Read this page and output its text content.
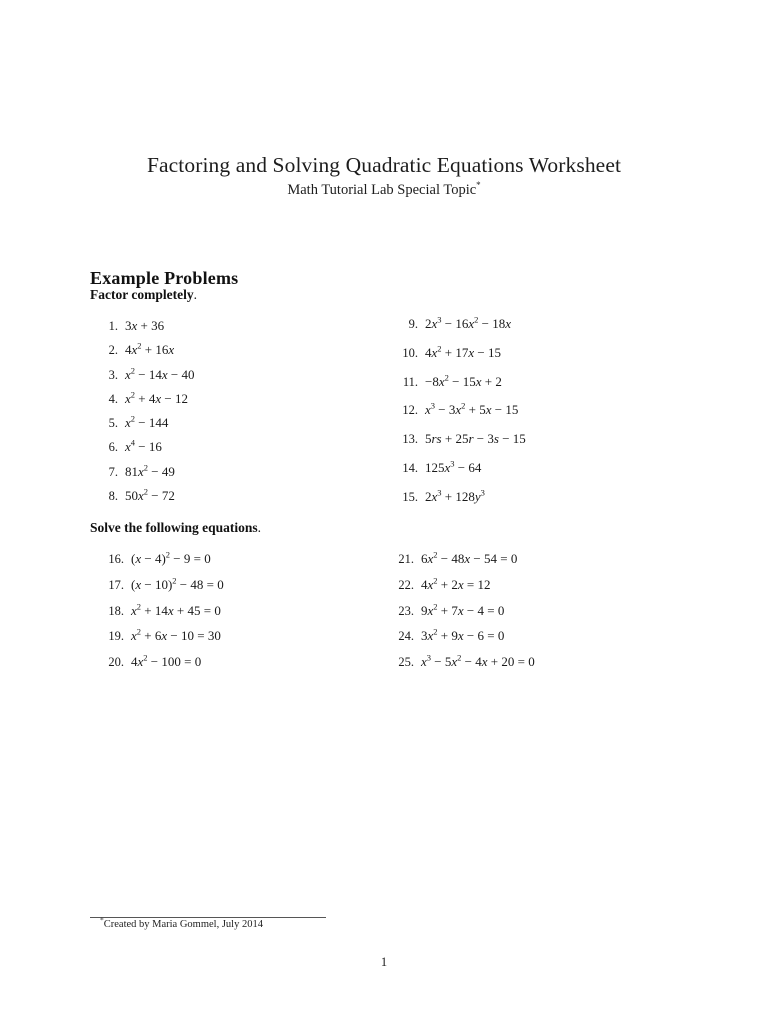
Factoring and Solving Quadratic Equations Worksheet
Math Tutorial Lab Special Topic*
Example Problems
Factor completely.
1. 3x + 36
2. $4x^2 + 16x$
3. $x^2 - 14x - 40$
4. $x^2 + 4x - 12$
5. $x^2 - 144$
6. $x^4 - 16$
7. $81x^2 - 49$
8. $50x^2 - 72$
9. $2x^3 - 16x^2 - 18x$
10. $4x^2 + 17x - 15$
11. $-8x^2 - 15x + 2$
12. $x^3 - 3x^2 + 5x - 15$
13. 5rs + 25r − 3s − 15
14. $125x^3 - 64$
15. $2x^3 + 128y^3$
Solve the following equations.
16. $(x - 4)^2 - 9 = 0$
17. $(x - 10)^2 - 48 = 0$
18. $x^2 + 14x + 45 = 0$
19. $x^2 + 6x - 10 = 30$
20. $4x^2 - 100 = 0$
21. $6x^2 - 48x - 54 = 0$
22. $4x^2 + 2x = 12$
23. $9x^2 + 7x - 4 = 0$
24. $3x^2 + 9x - 6 = 0$
25. $x^3 - 5x^2 - 4x + 20 = 0$
*Created by Maria Gommel, July 2014
1
